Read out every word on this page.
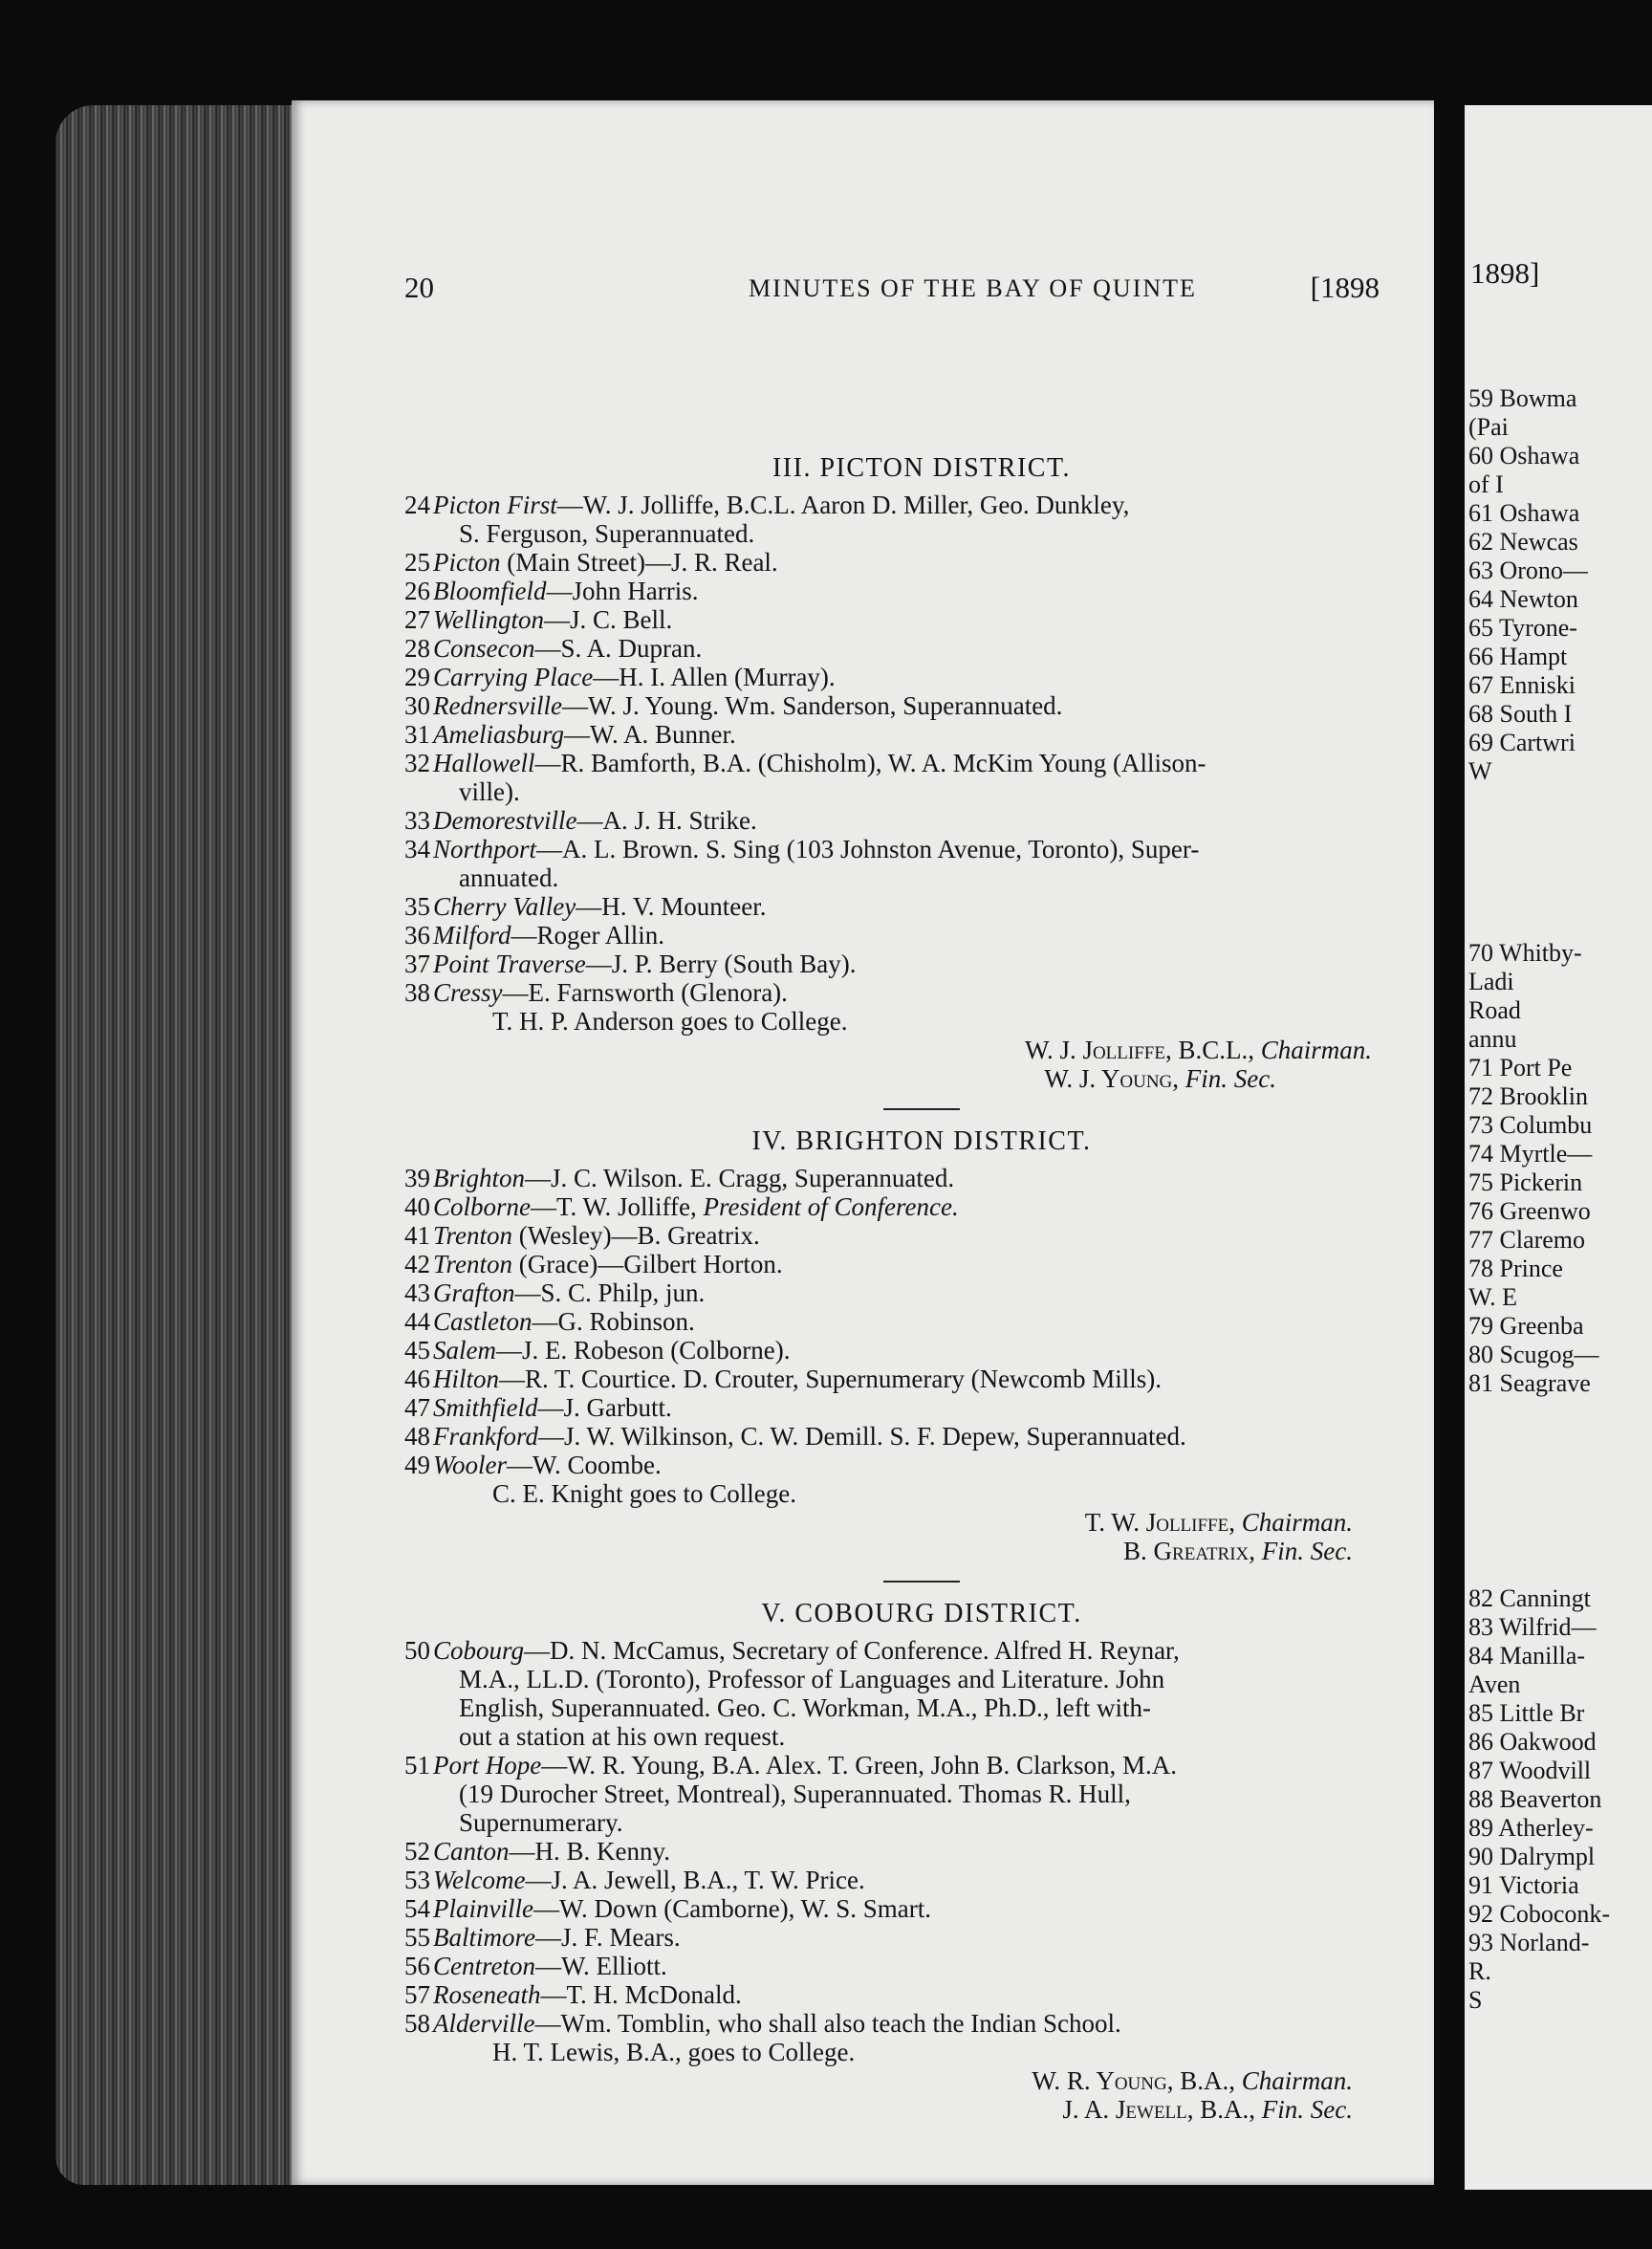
20	MINUTES OF THE BAY OF QUINTE	[1898

III. PICTON DISTRICT.

24 Picton First—W. J. Jolliffe, B.C.L. Aaron D. Miller, Geo. Dunkley,

 S. Ferguson, Superannuated.

25 Picton (Main Street)—J. R. Real.

26 Bloomfield—John Harris.

27 Wellington—J. C. Bell.

28 Consecon—S. A. Dupran.

29 Carrying Place—H. I. Allen (Murray).

30 Rednersville—W. J. Young. Wm. Sanderson, Superannuated.

31 Ameliasburg—W. A. Bunner.

32 Hallowell—R. Bamforth, B.A. (Chisholm), W. A. McKim Young (Allison-

 ville).

33 Demorestville—A. J. H. Strike.

34 Northport—A. L. Brown. S. Sing (103 Johnston Avenue, Toronto), Super-

 annuated.

35 Cherry Valley—H. V. Mounteer.

36 Milford—Roger Allin.

37 Point Traverse—J. P. Berry (South Bay).

38 Cressy—E. Farnsworth (Glenora).

T. H. P. Anderson goes to College.

W. J. Jolliffe, B.C.L., Chairman.

W. J. Young, Fin. Sec.

IV. BRIGHTON DISTRICT.

39 Brighton—J. C. Wilson. E. Cragg, Superannuated.

40 Colborne—T. W. Jolliffe, President of Conference.

41 Trenton (Wesley)—B. Greatrix.

42 Trenton (Grace)—Gilbert Horton.

43 Grafton—S. C. Philp, jun.

44 Castleton—G. Robinson.

45 Salem—J. E. Robeson (Colborne).

46 Hilton—R. T. Courtice. D. Crouter, Supernumerary (Newcomb Mills).

47 Smithfield—J. Garbutt.

48 Frankford—J. W. Wilkinson, C. W. Demill. S. F. Depew, Superannuated.

49 Wooler—W. Coombe.

C. E. Knight goes to College.

T. W. Jolliffe, Chairman.

B. Greatrix, Fin. Sec.

V. COBOURG DISTRICT.

50 Cobourg—D. N. McCamus, Secretary of Conference. Alfred H. Reynar,

 M.A., LL.D. (Toronto), Professor of Languages and Literature. John

 English, Superannuated. Geo. C. Workman, M.A., Ph.D., left with-

 out a station at his own request.

51 Port Hope—W. R. Young, B.A. Alex. T. Green, John B. Clarkson, M.A.

 (19 Durocher Street, Montreal), Superannuated. Thomas R. Hull,

 Supernumerary.

52 Canton—H. B. Kenny.

53 Welcome—J. A. Jewell, B.A., T. W. Price.

54 Plainville—W. Down (Camborne), W. S. Smart.

55 Baltimore—J. F. Mears.

56 Centreton—W. Elliott.

57 Roseneath—T. H. McDonald.

58 Alderville—Wm. Tomblin, who shall also teach the Indian School.

H. T. Lewis, B.A., goes to College.

W. R. Young, B.A., Chairman.

J. A. Jewell, B.A., Fin. Sec.

1898]

59 Bowma

(Pai

60 Oshawa

of I

61 Oshawa

62 Newcas

63 Orono—

64 Newton

65 Tyrone-

66 Hampt

67 Enniski

68 South I

69 Cartwri

W

70 Whitby-

Ladi

Road

annu

71 Port Pe

72 Brooklin

73 Columbu

74 Myrtle—

75 Pickerin

76 Greenwo

77 Claremo

78 Prince

W. E

79 Greenba

80 Scugog—

81 Seagrave

82 Canningt

83 Wilfrid—

84 Manilla-

Aven

85 Little Br

86 Oakwood

87 Woodvill

88 Beaverton

89 Atherley-

90 Dalrympl

91 Victoria

92 Coboconk-

93 Norland-

R.

S
